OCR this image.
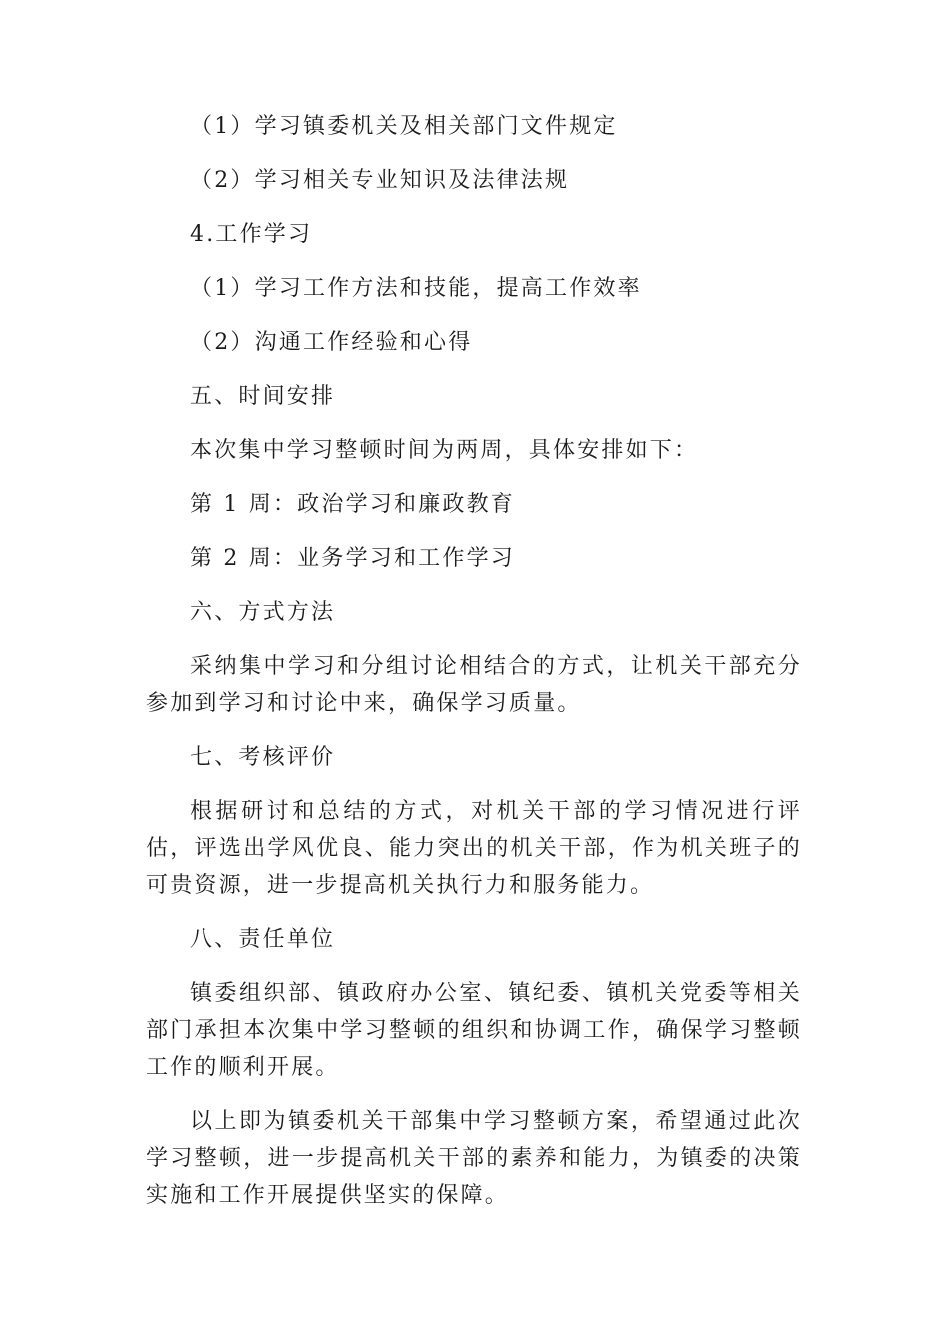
（1）学习镇委机关及相关部门文件规定

（2）学习相关专业知识及法律法规

4.工作学习

（1）学习工作方法和技能，提高工作效率

（2）沟通工作经验和心得

五、时间安排

本次集中学习整顿时间为两周，具体安排如下：

第 1 周：政治学习和廉政教育

第 2 周：业务学习和工作学习

六、方式方法

采纳集中学习和分组讨论相结合的方式，让机关干部充分参加到学习和讨论中来，确保学习质量。

七、考核评价

根据研讨和总结的方式，对机关干部的学习情况进行评估，评选出学风优良、能力突出的机关干部，作为机关班子的可贵资源，进一步提高机关执行力和服务能力。

八、责任单位

镇委组织部、镇政府办公室、镇纪委、镇机关党委等相关部门承担本次集中学习整顿的组织和协调工作，确保学习整顿工作的顺利开展。

以上即为镇委机关干部集中学习整顿方案，希望通过此次学习整顿，进一步提高机关干部的素养和能力，为镇委的决策实施和工作开展提供坚实的保障。
